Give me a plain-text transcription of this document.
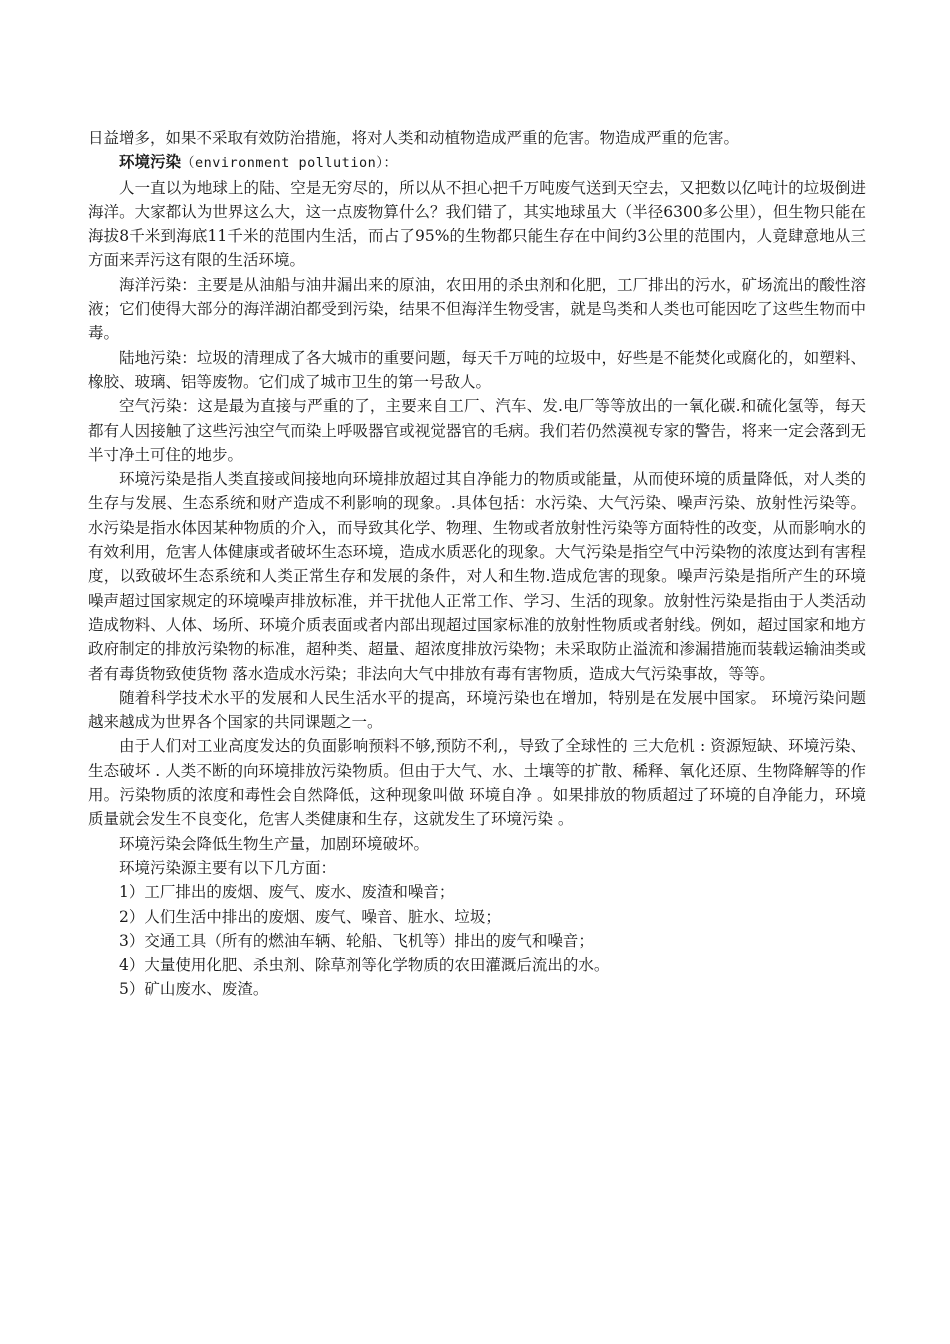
日益增多，如果不采取有效防治措施，将对人类和动植物造成严重的危害。物造成严重的危害。

环境污染（environment pollution）：

人一直以为地球上的陆、空是无穷尽的，所以从不担心把千万吨废气送到天空去，又把数以亿吨计的垃圾倒进海洋。大家都认为世界这么大，这一点废物算什么？我们错了，其实地球虽大（半径6300多公里），但生物只能在海拔8千米到海底11千米的范围内生活，而占了95%的生物都只能生存在中间约3公里的范围内，人竟肆意地从三方面来弄污这有限的生活环境。

海洋污染：主要是从油船与油井漏出来的原油，农田用的杀虫剂和化肥，工厂排出的污水，矿场流出的酸性溶液；它们使得大部分的海洋湖泊都受到污染，结果不但海洋生物受害，就是鸟类和人类也可能因吃了这些生物而中毒。

陆地污染：垃圾的清理成了各大城市的重要问题，每天千万吨的垃圾中，好些是不能焚化或腐化的，如塑料、橡胶、玻璃、铝等废物。它们成了城市卫生的第一号敌人。

空气污染：这是最为直接与严重的了，主要来自工厂、汽车、发.电厂等等放出的一氧化碳.和硫化氢等，每天都有人因接触了这些污浊空气而染上呼吸器官或视觉器官的毛病。我们若仍然漠视专家的警告，将来一定会落到无半寸净土可住的地步。

环境污染是指人类直接或间接地向环境排放超过其自净能力的物质或能量，从而使环境的质量降低，对人类的生存与发展、生态系统和财产造成不利影响的现象。.具体包括：水污染、大气污染、噪声污染、放射性污染等。水污染是指水体因某种物质的介入，而导致其化学、物理、生物或者放射性污染等方面特性的改变，从而影响水的有效利用，危害人体健康或者破坏生态环境，造成水质恶化的现象。大气污染是指空气中污染物的浓度达到有害程度，以致破坏生态系统和人类正常生存和发展的条件，对人和生物.造成危害的现象。噪声污染是指所产生的环境噪声超过国家规定的环境噪声排放标准，并干扰他人正常工作、学习、生活的现象。放射性污染是指由于人类活动造成物料、人体、场所、环境介质表面或者内部出现超过国家标准的放射性物质或者射线。例如，超过国家和地方政府制定的排放污染物的标准，超种类、超量、超浓度排放污染物；未采取防止溢流和渗漏措施而装载运输油类或者有毒货物致使货物 落水造成水污染；非法向大气中排放有毒有害物质，造成大气污染事故，等等。

随着科学技术水平的发展和人民生活水平的提高，环境污染也在增加，特别是在发展中国家。 环境污染问题越来越成为世界各个国家的共同课题之一。

由于人们对工业高度发达的负面影响预料不够,预防不利,，导致了全球性的 三大危机 : 资源短缺、环境污染、生态破坏 . 人类不断的向环境排放污染物质。但由于大气、水、土壤等的扩散、稀释、氧化还原、生物降解等的作用。污染物质的浓度和毒性会自然降低，这种现象叫做 环境自净 。如果排放的物质超过了环境的自净能力，环境质量就会发生不良变化，危害人类健康和生存，这就发生了环境污染 。

环境污染会降低生物生产量，加剧环境破坏。

环境污染源主要有以下几方面：

1）工厂排出的废烟、废气、废水、废渣和噪音；

2）人们生活中排出的废烟、废气、噪音、脏水、垃圾；

3）交通工具（所有的燃油车辆、轮船、飞机等）排出的废气和噪音；

4）大量使用化肥、杀虫剂、除草剂等化学物质的农田灌溉后流出的水。

5）矿山废水、废渣。
